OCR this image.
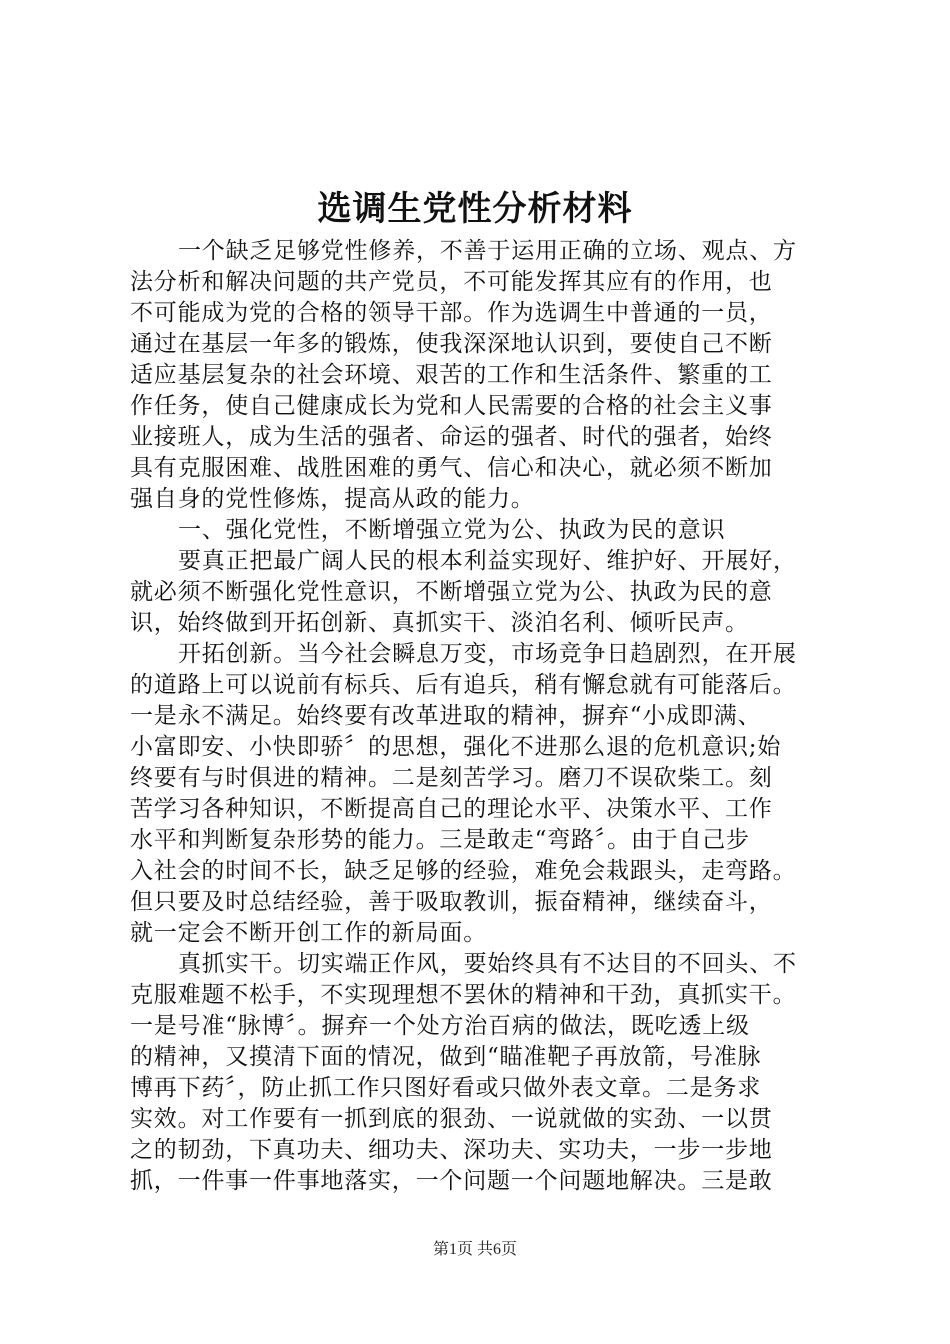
选调生党性分析材料
一个缺乏足够党性修养，不善于运用正确的立场、观点、方
法分析和解决问题的共产党员，不可能发挥其应有的作用，也
不可能成为党的合格的领导干部。作为选调生中普通的一员，
通过在基层一年多的锻炼，使我深深地认识到，要使自己不断
适应基层复杂的社会环境、艰苦的工作和生活条件、繁重的工
作任务，使自己健康成长为党和人民需要的合格的社会主义事
业接班人，成为生活的强者、命运的强者、时代的强者，始终
具有克服困难、战胜困难的勇气、信心和决心，就必须不断加
强自身的党性修炼，提高从政的能力。
一、强化党性，不断增强立党为公、执政为民的意识
要真正把最广阔人民的根本利益实现好、维护好、开展好，
就必须不断强化党性意识，不断增强立党为公、执政为民的意
识，始终做到开拓创新、真抓实干、淡泊名利、倾听民声。
开拓创新。当今社会瞬息万变，市场竞争日趋剧烈，在开展
的道路上可以说前有标兵、后有追兵，稍有懈怠就有可能落后。
一是永不满足。始终要有改革进取的精神，摒弃“小成即满、
小富即安、小快即骄〞的思想，强化不进那么退的危机意识;始
终要有与时俱进的精神。二是刻苦学习。磨刀不误砍柴工。刻
苦学习各种知识，不断提高自己的理论水平、决策水平、工作
水平和判断复杂形势的能力。三是敢走“弯路〞。由于自己步
入社会的时间不长，缺乏足够的经验，难免会栽跟头，走弯路。
但只要及时总结经验，善于吸取教训，振奋精神，继续奋斗，
就一定会不断开创工作的新局面。
真抓实干。切实端正作风，要始终具有不达目的不回头、不
克服难题不松手，不实现理想不罢休的精神和干劲，真抓实干。
一是号准“脉博〞。摒弃一个处方治百病的做法，既吃透上级
的精神，又摸清下面的情况，做到“瞄准靶子再放箭，号准脉
博再下药〞，防止抓工作只图好看或只做外表文章。二是务求
实效。对工作要有一抓到底的狠劲、一说就做的实劲、一以贯
之的韧劲，下真功夫、细功夫、深功夫、实功夫，一步一步地
抓，一件事一件事地落实，一个问题一个问题地解决。三是敢
第1页 共6页
